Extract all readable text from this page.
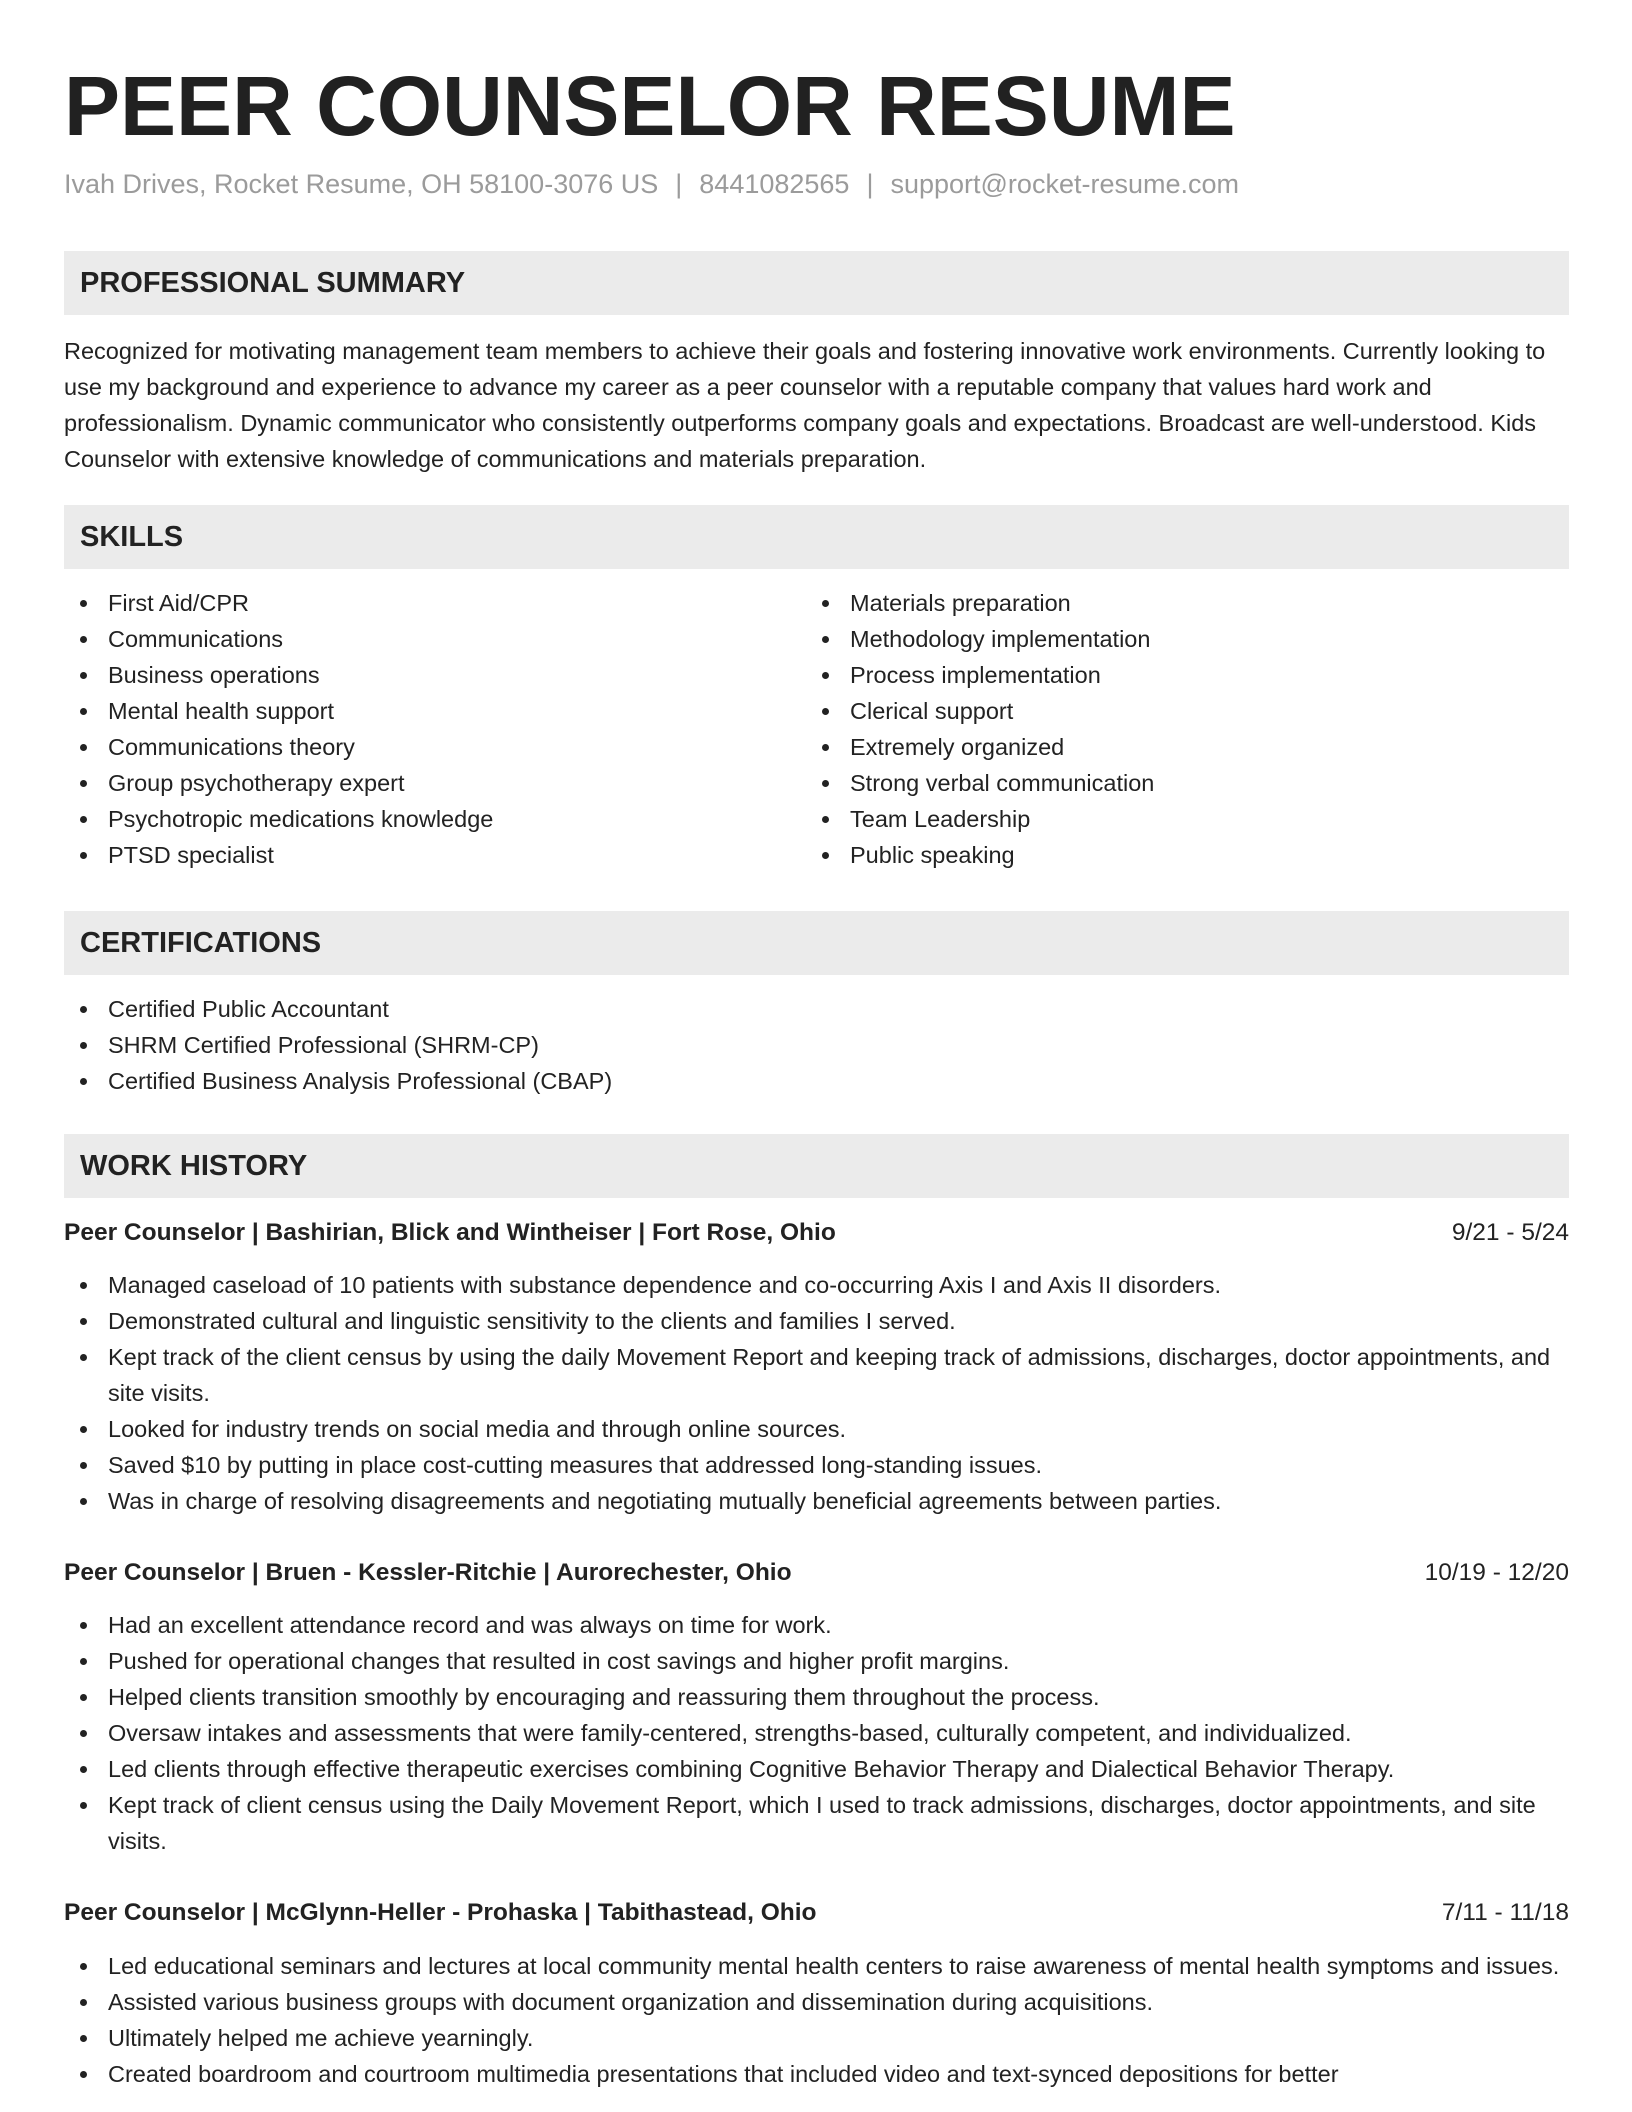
PEER COUNSELOR RESUME
Ivah Drives, Rocket Resume, OH 58100-3076 US | 8441082565 | support@rocket-resume.com
PROFESSIONAL SUMMARY

Recognized for motivating management team members to achieve their goals and fostering innovative work environments. Currently looking to use my background and experience to advance my career as a peer counselor with a reputable company that values hard work and professionalism. Dynamic communicator who consistently outperforms company goals and expectations. Broadcast are well-understood. Kids Counselor with extensive knowledge of communications and materials preparation.

SKILLS
First Aid/CPR
Communications
Business operations
Mental health support
Communications theory
Group psychotherapy expert
Psychotropic medications knowledge
PTSD specialist
Materials preparation
Methodology implementation
Process implementation
Clerical support
Extremely organized
Strong verbal communication
Team Leadership
Public speaking
CERTIFICATIONS
Certified Public Accountant
SHRM Certified Professional (SHRM-CP)
Certified Business Analysis Professional (CBAP)
WORK HISTORY
Peer Counselor | Bashirian, Blick and Wintheiser | Fort Rose, Ohio	9/21 - 5/24
Managed caseload of 10 patients with substance dependence and co-occurring Axis I and Axis II disorders.
Demonstrated cultural and linguistic sensitivity to the clients and families I served.
Kept track of the client census by using the daily Movement Report and keeping track of admissions, discharges, doctor appointments, and site visits.
Looked for industry trends on social media and through online sources.
Saved $10 by putting in place cost-cutting measures that addressed long-standing issues.
Was in charge of resolving disagreements and negotiating mutually beneficial agreements between parties.
Peer Counselor | Bruen - Kessler-Ritchie | Aurorechester, Ohio	10/19 - 12/20
Had an excellent attendance record and was always on time for work.
Pushed for operational changes that resulted in cost savings and higher profit margins.
Helped clients transition smoothly by encouraging and reassuring them throughout the process.
Oversaw intakes and assessments that were family-centered, strengths-based, culturally competent, and individualized.
Led clients through effective therapeutic exercises combining Cognitive Behavior Therapy and Dialectical Behavior Therapy.
Kept track of client census using the Daily Movement Report, which I used to track admissions, discharges, doctor appointments, and site visits.
Peer Counselor | McGlynn-Heller - Prohaska | Tabithastead, Ohio	7/11 - 11/18
Led educational seminars and lectures at local community mental health centers to raise awareness of mental health symptoms and issues.
Assisted various business groups with document organization and dissemination during acquisitions.
Ultimately helped me achieve yearningly.
Created boardroom and courtroom multimedia presentations that included video and text-synced depositions for better
